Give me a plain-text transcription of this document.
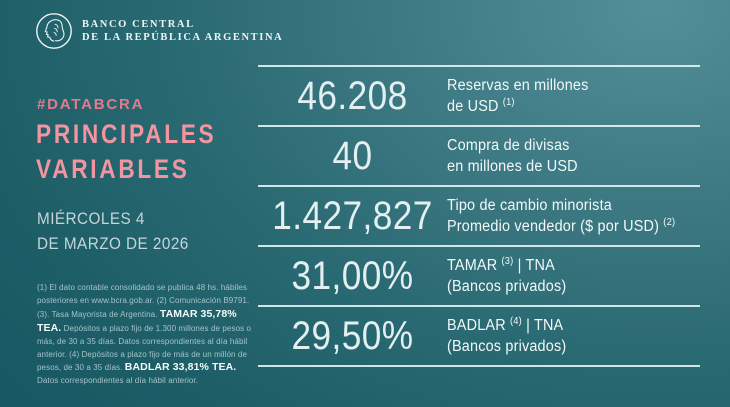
BANCO CENTRAL
DE LA REPÚBLICA ARGENTINA
#DATABCRA
PRINCIPALES
VARIABLES
MIÉRCOLES 4
DE MARZO DE 2026

(1) El dato contable consolidado se publica 48 hs. hábiles posteriores en www.bcra.gob.ar. (2) Comunicación B9791. (3). Tasa Mayorista de Argentina. TAMAR 35,78% TEA. Depósitos a plazo fijo de 1.300 millones de pesos o más, de 30 a 35 días. Datos correspondientes al día hábil anterior. (4) Depósitos a plazo fijo de más de un millón de pesos, de 30 a 35 días. BADLAR 33,81% TEA. Datos correspondientes al día hábil anterior.

46.208	Reservas en millones
de USD $^{(1)}$
40	Compra de divisas
en millones de USD
1.427,827 Tipo de cambio minorista
Promedio vendedor ($ por USD) $^{(2)}$
31,00%	TAMAR $^{(3)}$ | TNA
(Bancos privados)
29,50%	BADLAR $^{(4)}$ | TNA
(Bancos privados)
